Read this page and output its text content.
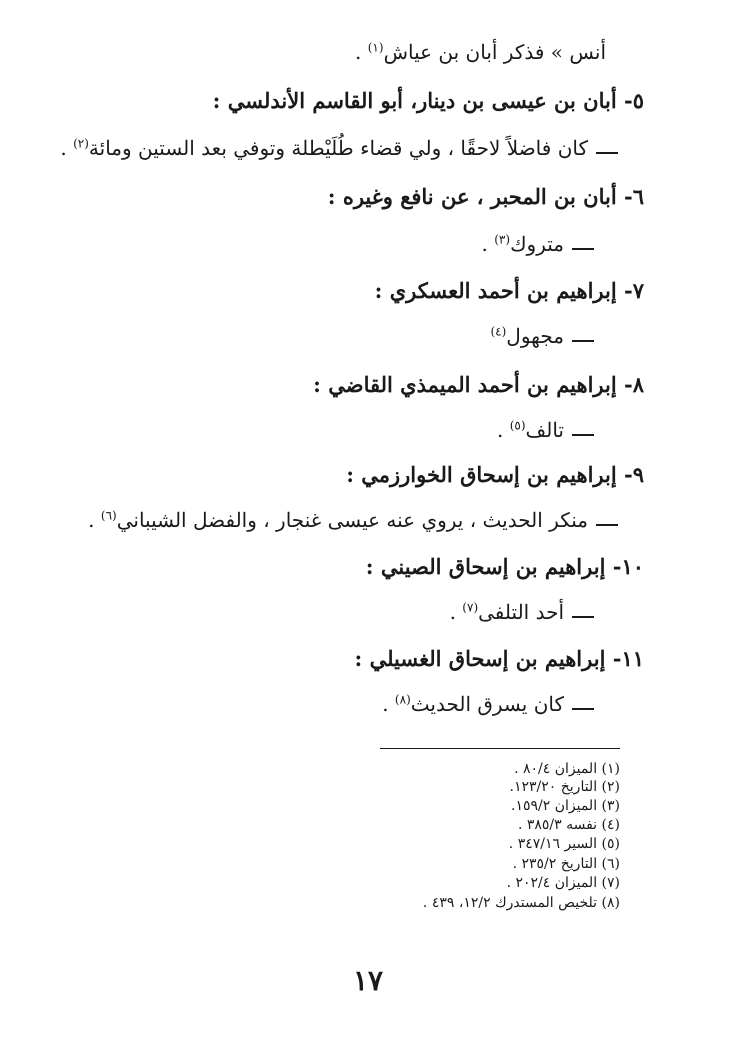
أنس » فذكر أبان بن عياش$^{(١)}$ .
٥- أبان بن عيسى بن دينار، أبو القاسم الأندلسي :
كان فاضلاً لاحقًا ، ولي قضاء طُلَيْطلة وتوفي بعد الستين ومائة$^{(٢)}$ .
٦- أبان بن المحبر ، عن نافع وغيره :
متروك$^{(٣)}$ .
٧- إبراهيم بن أحمد العسكري :
مجهول$^{(٤)}$
٨- إبراهيم بن أحمد الميمذي القاضي :
تالف$^{(٥)}$ .
٩- إبراهيم بن إسحاق الخوارزمي :
منكر الحديث ، يروي عنه عيسى غنجار ، والفضل الشيباني$^{(٦)}$ .
١٠- إبراهيم بن إسحاق الصيني :
أحد التلفى$^{(٧)}$ .
١١- إبراهيم بن إسحاق الغسيلي :
كان يسرق الحديث$^{(٨)}$ .
(١) الميزان ٨٠/٤ .
(٢) التاريخ ١٢٣/٢٠.
(٣) الميزان ١٥٩/٢.
(٤) نفسه ٣٨٥/٣ .
(٥) السير ٣٤٧/١٦ .
(٦) التاريخ ٢٣٥/٢ .
(٧) الميزان ٢٠٢/٤ .
(٨) تلخيص المستدرك ١٢/٢، ٤٣٩ .
١٧
